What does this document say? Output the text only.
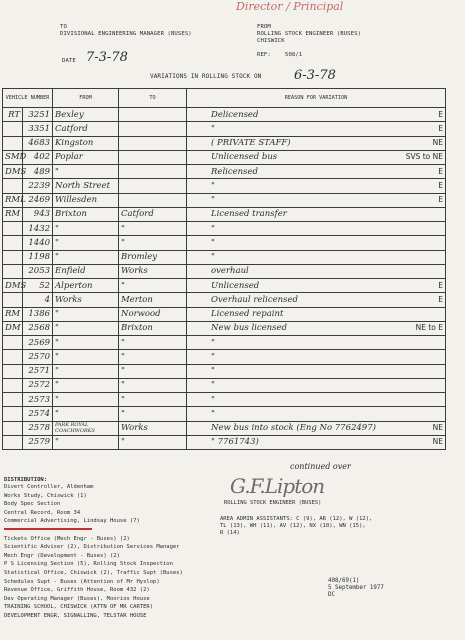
Director / Principal
TO
DIVISIONAL ENGINEERING MANAGER (BUSES)
FROM
ROLLING STOCK ENGINEER (BUSES)
CHISWICK
DATE 7-3-78	REF:	508/1
VARIATIONS IN ROLLING STOCK ON	6-3-78
VEHICLE NUMBER		FROM	TO	REASON FOR VARIATION
RT	3251	Bexley		Delicensed E

	3351	Catford		" E

	4683	Kingston		( PRIVATE STAFF) NE

SMD	402	Poplar		Unlicensed bus SVS to NE

DMS	489	"		Relicensed E

	2239	North Street		" E

RML	2469	Willesden		" E

RM	943	Brixton	Catford	Licensed transfer

	1432	"	"	"

	1440	"	"	"

	1198	"	Bromley	"

	2053	Enfield	Works	overhaul

DMS	52	Alperton	"	Unlicensed E

	4	Works	Merton	Overhaul relicensed E

RM	1386	"	Norwood	Licensed repaint

DM	2568	"	Brixton	New bus licensed NE to E

	2569	"	"	"

	2570	"	"	"

	2571	"	"	"

	2572	"	"	"

	2573	"	"	"

	2574	"	"	"

	2578	PARK ROYAL COACHWORKS	Works	New bus into stock (Eng No 7762497) NE

	2579	"	"	" 7761743) NE
continued over
G.F.Lipton
ROLLING STOCK ENGINEER (BUSES)
AREA ADMIN ASSISTANTS: C (9), AR (12), W (12),
TL (13), WH (11), AV (12), NX (10), WN (15),
R (14)
DISTRIBUTION:
Divert Controller, Aldenham
Works Study, Chiswick (1)
Body Spec Section
Central Record, Room 34
Commercial Advertising, Lindsay House (7)
Tickets Office (Mech Engr - Buses) (2)
Scientific Adviser (2), Distribution Services Manager
Mech Engr (Development - Buses) (2)
P S Licensing Section (5), Rolling Stock Inspection
Statistical Office, Chiswick (2), Traffic Supt (Buses)
Schedules Supt - Buses (Attention of Mr Hyslop)
Revenue Office, Griffith House, Room 432 (2)
Dev Operating Manager (Buses), Moorios House
TRAINING SCHOOL, CHISWICK (ATTN OF MR CARTER)
DEVELOPMENT ENGR, SIGNALLING, TELSTAR HOUSE
408/69(1)
5 September 1977
DC
